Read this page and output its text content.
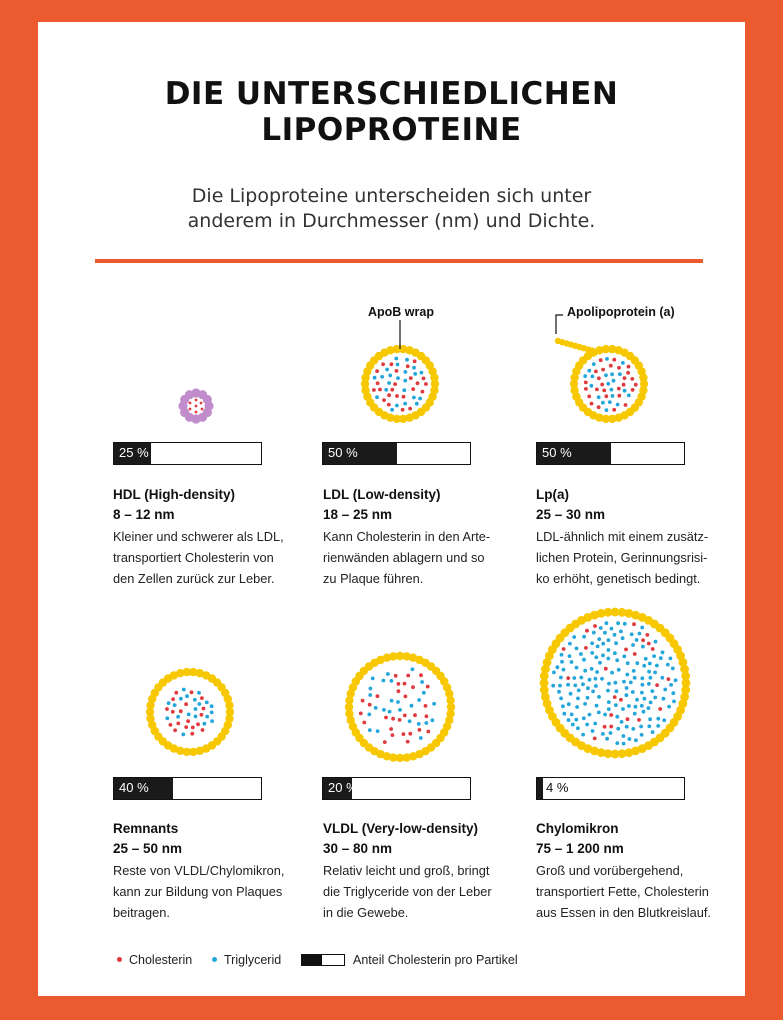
DIE UNTERSCHIEDLICHEN
LIPOPROTEINE
Die Lipoproteine unterscheiden sich unter
anderem in Durchmesser (nm) und Dichte.
ApoB wrap	Apolipoprotein (a)
25 %	50 %	50 %
40 %	20 %	4 %
HDL (High-density)
8 – 12 nm
Kleiner und schwerer als LDL,
transportiert Cholesterin von
den Zellen zurück zur Leber.
LDL (Low-density)
18 – 25 nm
Kann Cholesterin in den Arte-
rienwänden ablagern und so
zu Plaque führen.
Lp(a)
25 – 30 nm
LDL-ähnlich mit einem zusätz-
lichen Protein, Gerinnungsrisi-
ko erhöht, genetisch bedingt.
Remnants
25 – 50 nm
Reste von VLDL/Chylomikron,
kann zur Bildung von Plaques
beitragen.
VLDL (Very-low-density)
30 – 80 nm
Relativ leicht und groß, bringt
die Triglyceride von der Leber
in die Gewebe.
Chylomikron
75 – 1 200 nm
Groß und vorübergehend,
transportiert Fette, Cholesterin
aus Essen in den Blutkreislauf.
Cholesterin	Triglycerid	Anteil Cholesterin pro Partikel
